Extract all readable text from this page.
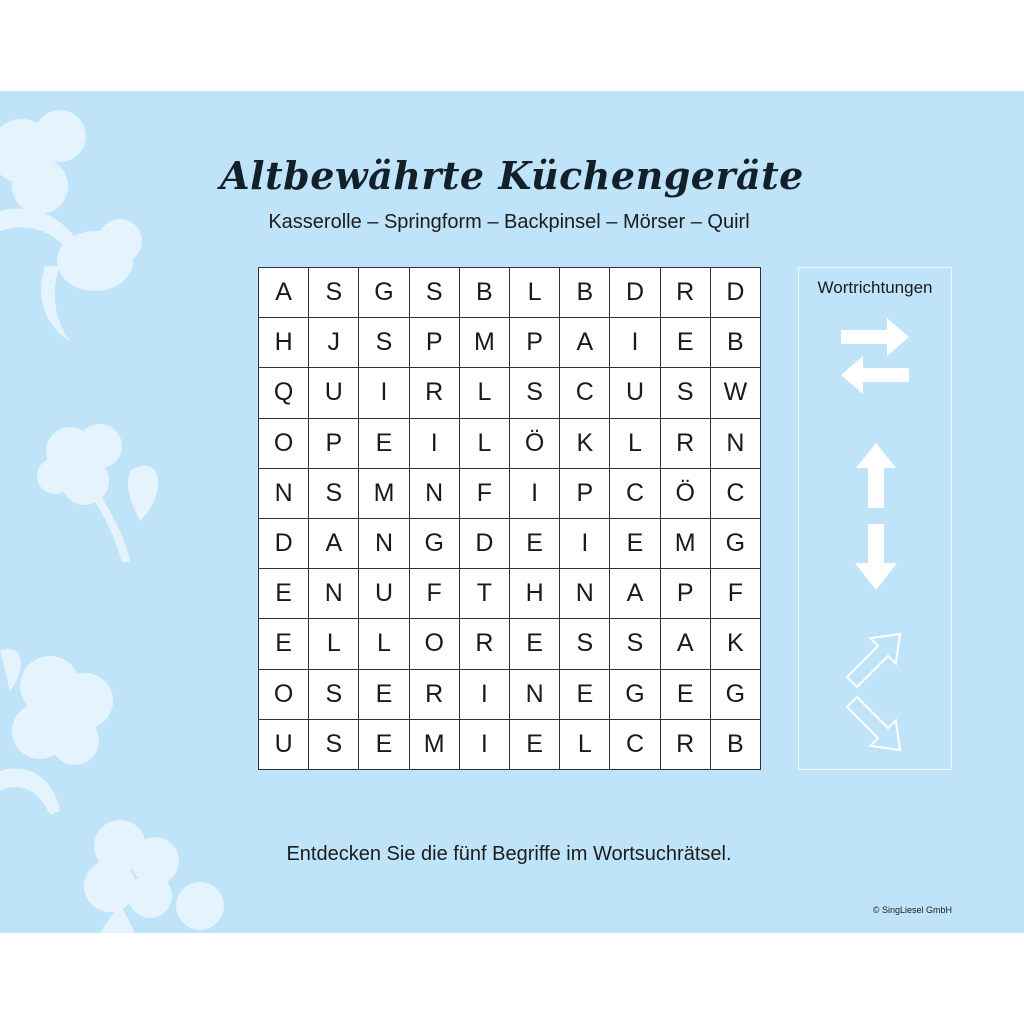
Altbewährte Küchengeräte
Kasserolle – Springform – Backpinsel – Mörser – Quirl
A	S	G	S	B	L	B	D	R	D
H	J	S	P	M	P	A	I	E	B
Q	U	I	R	L	S	C	U	S	W
O	P	E	I	L	Ö	K	L	R	N
N	S	M	N	F	I	P	C	Ö	C
D	A	N	G	D	E	I	E	M	G
E	N	U	F	T	H	N	A	P	F
E	L	L	O	R	E	S	S	A	K
O	S	E	R	I	N	E	G	E	G
U	S	E	M	I	E	L	C	R	B
Wortrichtungen
Entdecken Sie die fünf Begriffe im Wortsuchrätsel.
© SingLiesel GmbH
